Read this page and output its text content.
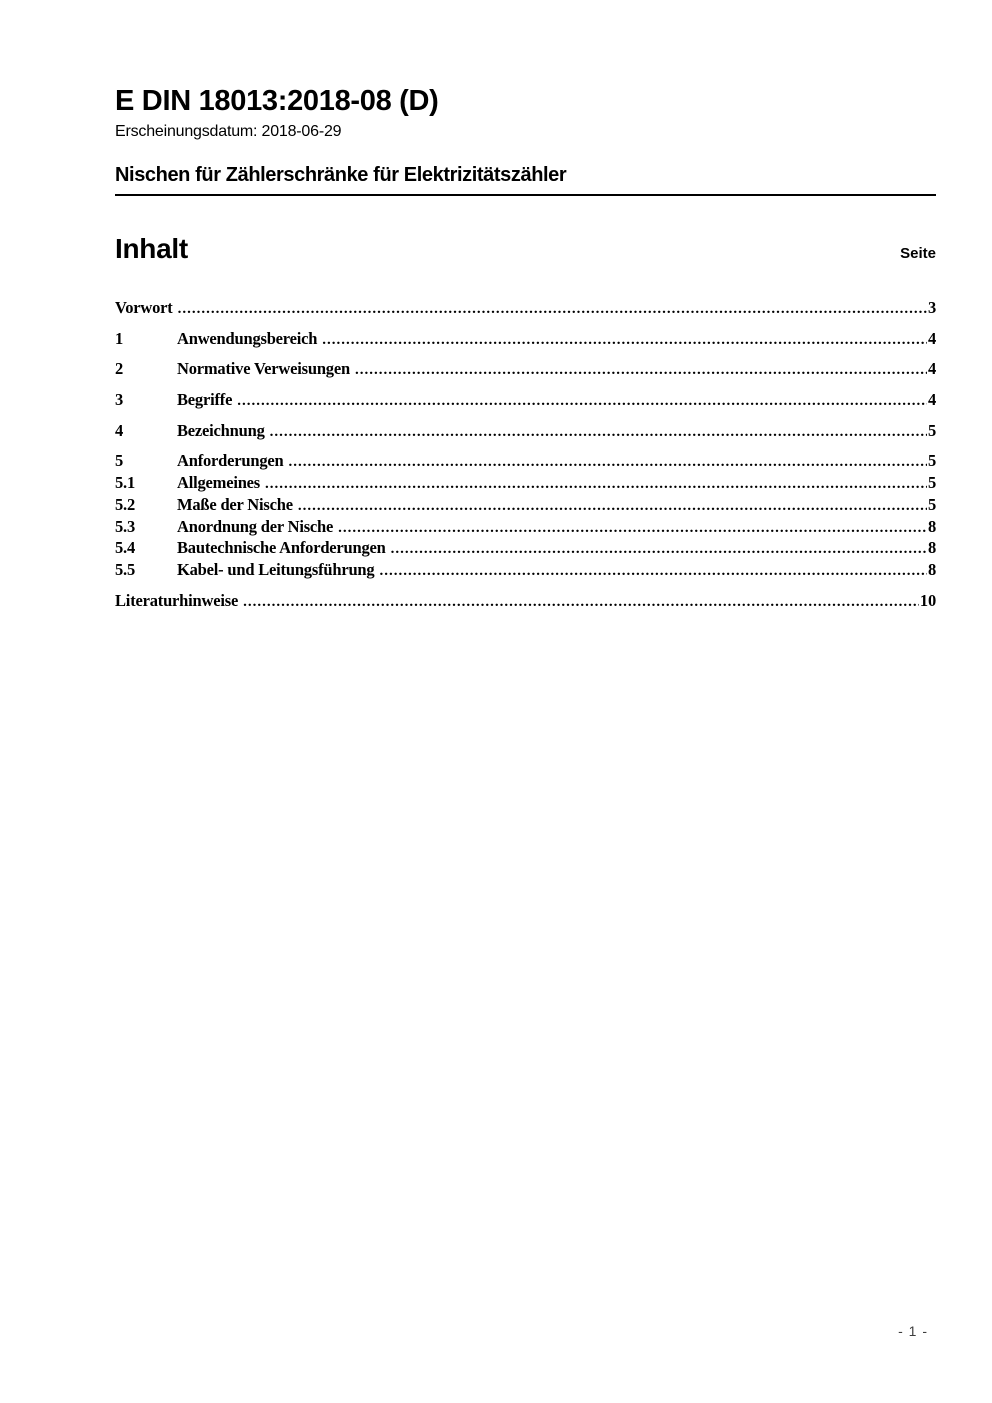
E DIN 18013:2018-08 (D)
Erscheinungsdatum: 2018-06-29
Nischen für Zählerschränke für Elektrizitätszähler
Inhalt	Seite
Vorwort .....	3
1	Anwendungsbereich .....	4
2	Normative Verweisungen .....	4
3	Begriffe .....	4
4	Bezeichnung .....	5
5	Anforderungen .....	5
5.1	Allgemeines .....	5
5.2	Maße der Nische .....	5
5.3	Anordnung der Nische .....	8
5.4	Bautechnische Anforderungen .....	8
5.5	Kabel- und Leitungsführung .....	8
Literaturhinweise .....	10
- 1 -
